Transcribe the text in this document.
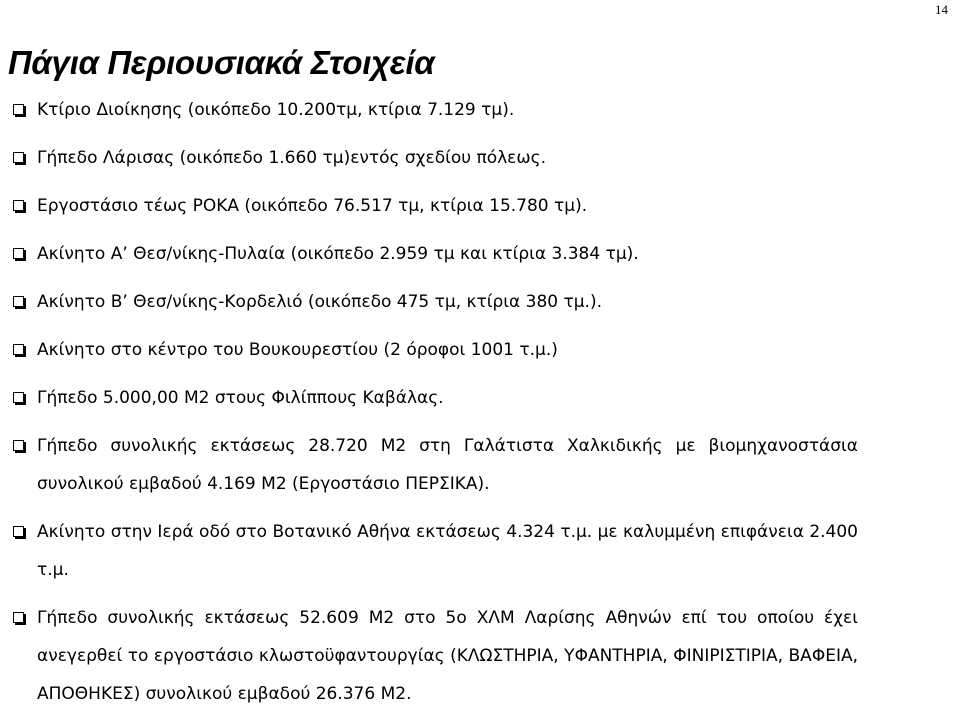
14
Πάγια Περιουσιακά Στοιχεία
Κτίριο Διοίκησης (οικόπεδο 10.200τμ, κτίρια 7.129 τμ).
Γήπεδο Λάρισας (οικόπεδο 1.660 τμ)εντός σχεδίου πόλεως.
Εργοστάσιο τέως ΡΟΚΑ (οικόπεδο 76.517 τμ, κτίρια 15.780 τμ).
Ακίνητο Α’ Θεσ/νίκης-Πυλαία (οικόπεδο 2.959 τμ και κτίρια 3.384 τμ).
Ακίνητο Β’ Θεσ/νίκης-Κορδελιό (οικόπεδο 475 τμ, κτίρια 380 τμ.).
Ακίνητο στο κέντρο του Βουκουρεστίου (2 όροφοι 1001 τ.μ.)
Γήπεδο 5.000,00 Μ2 στους Φιλίππους Καβάλας.
Γήπεδο συνολικής εκτάσεως 28.720 Μ2 στη Γαλάτιστα Χαλκιδικής με βιομηχανοστάσια συνολικού εμβαδού 4.169 Μ2 (Εργοστάσιο ΠΕΡΣΙΚΑ).
Ακίνητο στην Ιερά οδό στο Βοτανικό Αθήνα εκτάσεως 4.324 τ.μ. με καλυμμένη επιφάνεια 2.400 τ.μ.
Γήπεδο συνολικής εκτάσεως 52.609 Μ2 στο 5ο ΧΛΜ Λαρίσης Αθηνών επί του οποίου έχει ανεγερθεί το εργοστάσιο κλωστοϋφαντουργίας (ΚΛΩΣΤΗΡΙΑ, ΥΦΑΝΤΗΡΙΑ, ΦΙΝΙΡΙΣΤΙΡΙΑ, ΒΑΦΕΙΑ, ΑΠΟΘΗΚΕΣ) συνολικού εμβαδού 26.376 Μ2.
